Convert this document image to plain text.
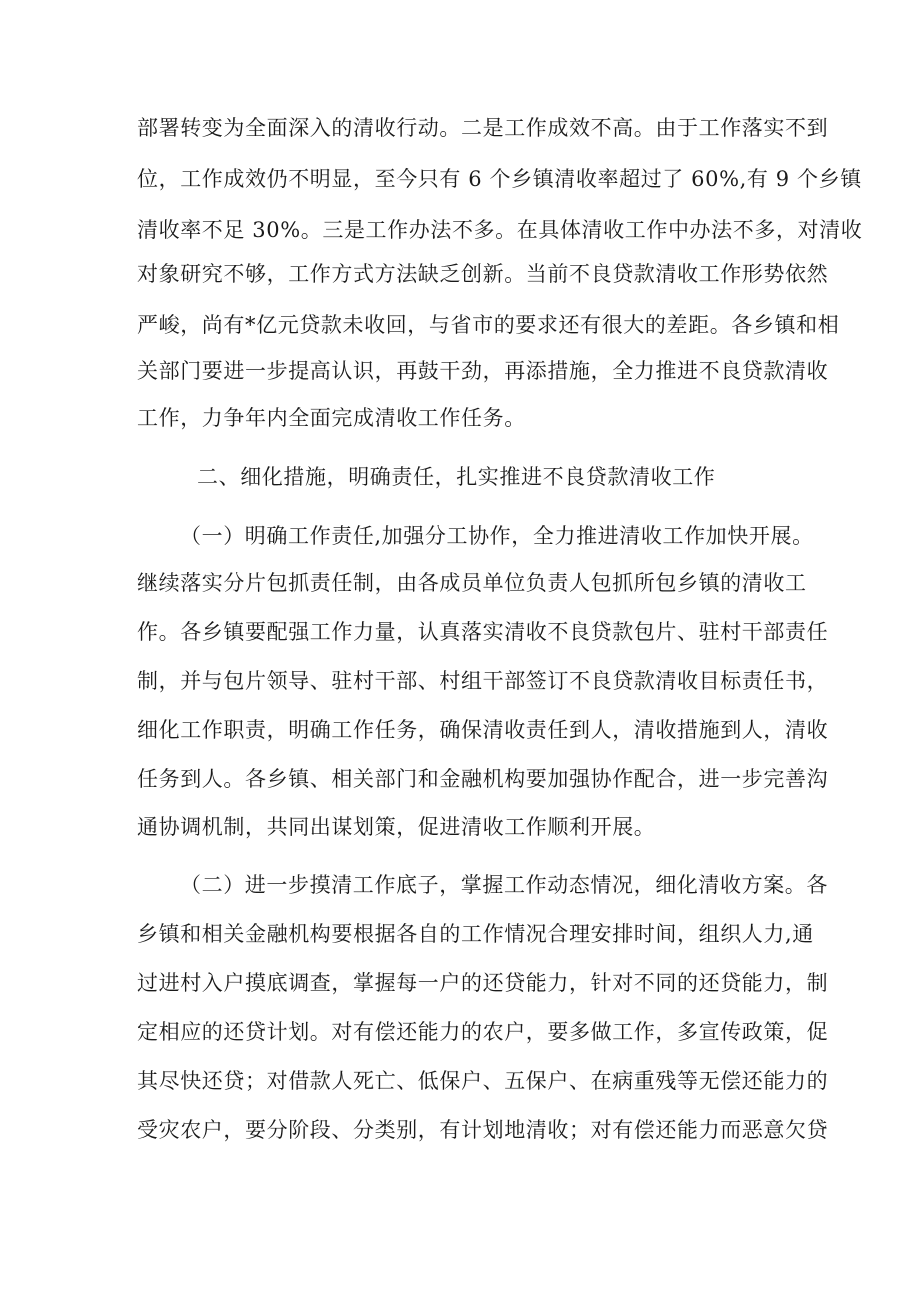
部署转变为全面深入的清收行动。二是工作成效不高。由于工作落实不到
位，工作成效仍不明显，至今只有 6 个乡镇清收率超过了 60%,有 9 个乡镇
清收率不足 30%。三是工作办法不多。在具体清收工作中办法不多，对清收
对象研究不够，工作方式方法缺乏创新。当前不良贷款清收工作形势依然
严峻，尚有*亿元贷款未收回，与省市的要求还有很大的差距。各乡镇和相
关部门要进一步提高认识，再鼓干劲，再添措施，全力推进不良贷款清收
工作，力争年内全面完成清收工作任务。
二、细化措施，明确责任，扎实推进不良贷款清收工作
（一）明确工作责任,加强分工协作，全力推进清收工作加快开展。
继续落实分片包抓责任制，由各成员单位负责人包抓所包乡镇的清收工
作。各乡镇要配强工作力量，认真落实清收不良贷款包片、驻村干部责任
制，并与包片领导、驻村干部、村组干部签订不良贷款清收目标责任书，
细化工作职责，明确工作任务，确保清收责任到人，清收措施到人，清收
任务到人。各乡镇、相关部门和金融机构要加强协作配合，进一步完善沟
通协调机制，共同出谋划策，促进清收工作顺利开展。
（二）进一步摸清工作底子，掌握工作动态情况，细化清收方案。各
乡镇和相关金融机构要根据各自的工作情况合理安排时间，组织人力,通
过进村入户摸底调查，掌握每一户的还贷能力，针对不同的还贷能力，制
定相应的还贷计划。对有偿还能力的农户，要多做工作，多宣传政策，促
其尽快还贷；对借款人死亡、低保户、五保户、在病重残等无偿还能力的
受灾农户，要分阶段、分类别，有计划地清收；对有偿还能力而恶意欠贷
